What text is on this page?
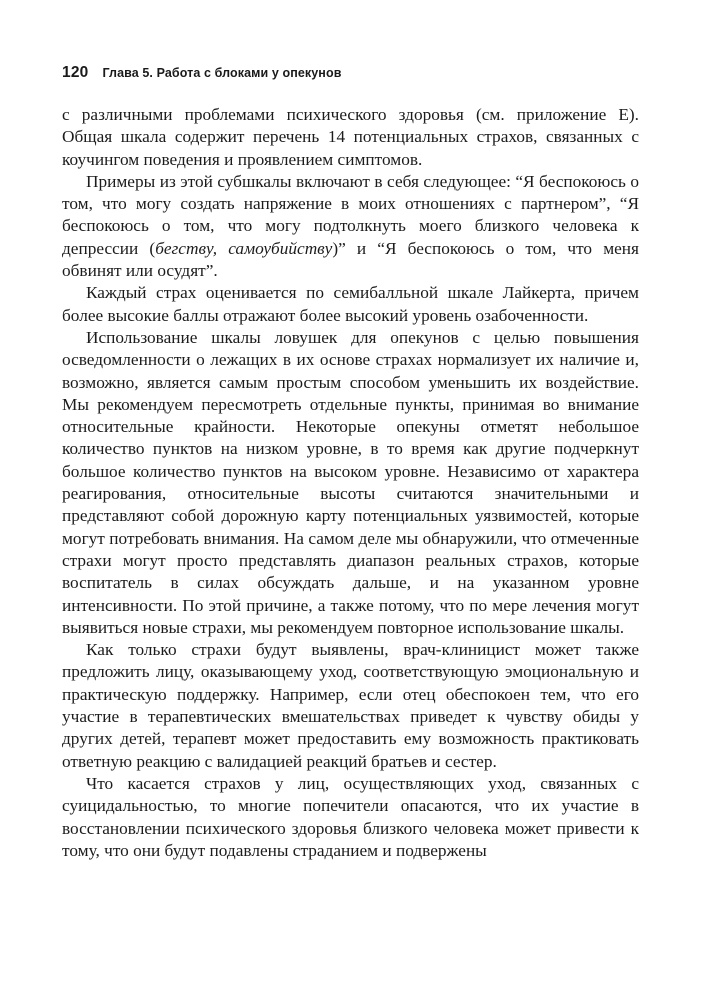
120 Глава 5. Работа с блоками у опекунов

с различными проблемами психического здоровья (см. приложение Е). Общая шкала содержит перечень 14 потенциальных страхов, связанных с коучингом поведения и проявлением симптомов.

Примеры из этой субшкалы включают в себя следующее: “Я беспокоюсь о том, что могу создать напряжение в моих отношениях с партнером”, “Я беспокоюсь о том, что могу подтолкнуть моего близкого человека к депрессии (бегству, самоубийству)” и “Я беспокоюсь о том, что меня обвинят или осудят”.

Каждый страх оценивается по семибалльной шкале Лайкерта, причем более высокие баллы отражают более высокий уровень озабоченности.

Использование шкалы ловушек для опекунов с целью повышения осведомленности о лежащих в их основе страхах нормализует их наличие и, возможно, является самым простым способом уменьшить их воздействие. Мы рекомендуем пересмотреть отдельные пункты, принимая во внимание относительные крайности. Некоторые опекуны отметят небольшое количество пунктов на низком уровне, в то время как другие подчеркнут большое количество пунктов на высоком уровне. Независимо от характера реагирования, относительные высоты считаются значительными и представляют собой дорожную карту потенциальных уязвимостей, которые могут потребовать внимания. На самом деле мы обнаружили, что отмеченные страхи могут просто представлять диапазон реальных страхов, которые воспитатель в силах обсуждать дальше, и на указанном уровне интенсивности. По этой причине, а также потому, что по мере лечения могут выявиться новые страхи, мы рекомендуем повторное использование шкалы.

Как только страхи будут выявлены, врач-клиницист может также предложить лицу, оказывающему уход, соответствующую эмоциональную и практическую поддержку. Например, если отец обеспокоен тем, что его участие в терапевтических вмешательствах приведет к чувству обиды у других детей, терапевт может предоставить ему возможность практиковать ответную реакцию с валидацией реакций братьев и сестер.

Что касается страхов у лиц, осуществляющих уход, связанных с суицидальностью, то многие попечители опасаются, что их участие в восстановлении психического здоровья близкого человека может привести к тому, что они будут подавлены страданием и подвержены
